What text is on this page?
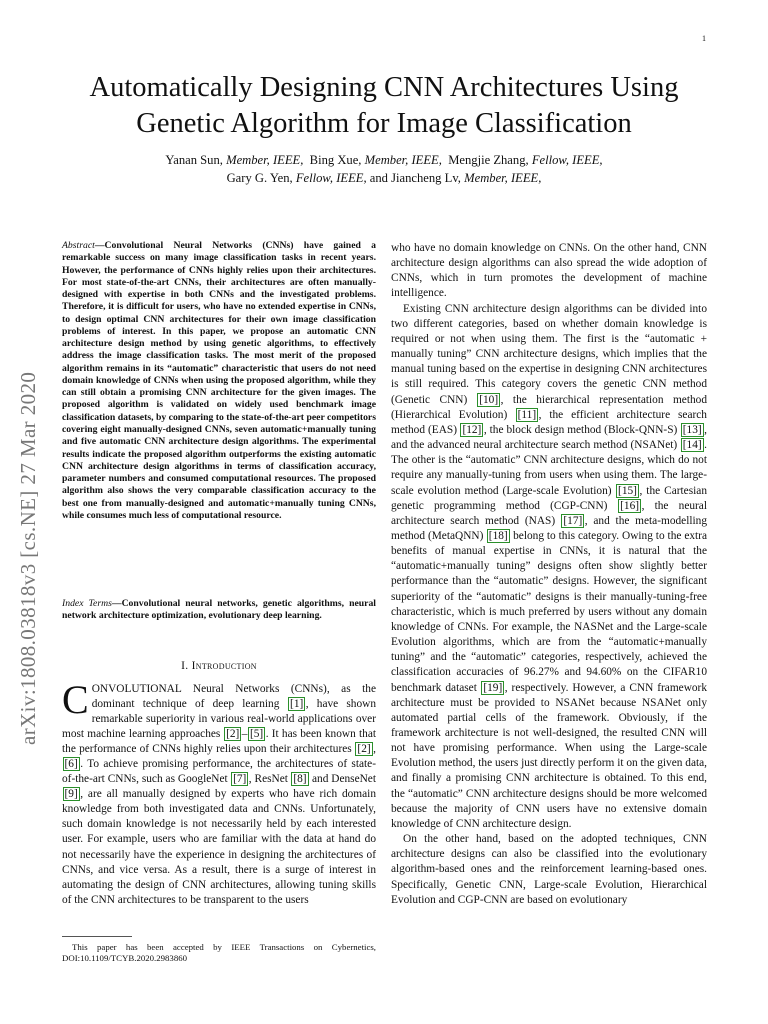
1
arXiv:1808.03818v3 [cs.NE] 27 Mar 2020
Automatically Designing CNN Architectures Using
Genetic Algorithm for Image Classification
Yanan Sun, Member, IEEE, Bing Xue, Member, IEEE, Mengjie Zhang, Fellow, IEEE,
Gary G. Yen, Fellow, IEEE, and Jiancheng Lv, Member, IEEE,
Abstract—Convolutional Neural Networks (CNNs) have gained a remarkable success on many image classification tasks in recent years. However, the performance of CNNs highly relies upon their architectures. For most state-of-the-art CNNs, their architectures are often manually-designed with expertise in both CNNs and the investigated problems. Therefore, it is difficult for users, who have no extended expertise in CNNs, to design optimal CNN architectures for their own image classification problems of interest. In this paper, we propose an automatic CNN architecture design method by using genetic algorithms, to effectively address the image classification tasks. The most merit of the proposed algorithm remains in its “automatic” characteristic that users do not need domain knowledge of CNNs when using the proposed algorithm, while they can still obtain a promising CNN architecture for the given images. The proposed algorithm is validated on widely used benchmark image classification datasets, by comparing to the state-of-the-art peer competitors covering eight manually-designed CNNs, seven automatic+manually tuning and five automatic CNN architecture design algorithms. The experimental results indicate the proposed algorithm outperforms the existing automatic CNN architecture design algorithms in terms of classification accuracy, parameter numbers and consumed computational resources. The proposed algorithm also shows the very comparable classification accuracy to the best one from manually-designed and automatic+manually tuning CNNs, while consumes much less of computational resource.
Index Terms—Convolutional neural networks, genetic algorithms, neural network architecture optimization, evolutionary deep learning.
I. Introduction
CONVOLUTIONAL Neural Networks (CNNs), as the dominant technique of deep learning [1] , have shown remarkable superiority in various real-world applications over most machine learning approaches [2] – [5] . It has been known that the performance of CNNs highly relies upon their architectures [2] , [6] . To achieve promising performance, the architectures of state-of-the-art CNNs, such as GoogleNet [7] , ResNet [8] and DenseNet [9] , are all manually designed by experts who have rich domain knowledge from both investigated data and CNNs. Unfortunately, such domain knowledge is not necessarily held by each interested user. For example, users who are familiar with the data at hand do not necessarily have the experience in designing the architectures of CNNs, and vice versa. As a result, there is a surge of interest in automating the design of CNN architectures, allowing tuning skills of the CNN architectures to be transparent to the users

This paper has been accepted by IEEE Transactions on Cybernetics, DOI:10.1109/TCYB.2020.2983860

who have no domain knowledge on CNNs. On the other hand, CNN architecture design algorithms can also spread the wide adoption of CNNs, which in turn promotes the development of machine intelligence.

Existing CNN architecture design algorithms can be divided into two different categories, based on whether domain knowledge is required or not when using them. The first is the “automatic + manually tuning” CNN architecture designs, which implies that the manual tuning based on the expertise in designing CNN architectures is still required. This category covers the genetic CNN method (Genetic CNN) [10] , the hierarchical representation method (Hierarchical Evolution) [11] , the efficient architecture search method (EAS) [12] , the block design method (Block-QNN-S) [13] , and the advanced neural architecture search method (NSANet) [14] . The other is the “automatic” CNN architecture designs, which do not require any manually-tuning from users when using them. The large-scale evolution method (Large-scale Evolution) [15] , the Cartesian genetic programming method (CGP-CNN) [16] , the neural architecture search method (NAS) [17] , and the meta-modelling method (MetaQNN) [18] belong to this category. Owing to the extra benefits of manual expertise in CNNs, it is natural that the “automatic+manually tuning” designs often show slightly better performance than the “automatic” designs. However, the significant superiority of the “automatic” designs is their manually-tuning-free characteristic, which is much preferred by users without any domain knowledge of CNNs. For example, the NASNet and the Large-scale Evolution algorithms, which are from the “automatic+manually tuning” and the “automatic” categories, respectively, achieved the classification accuracies of 96.27% and 94.60% on the CIFAR10 benchmark dataset [19] , respectively. However, a CNN framework architecture must be provided to NSANet because NSANet only automated partial cells of the framework. Obviously, if the framework architecture is not well-designed, the resulted CNN will not have promising performance. When using the Large-scale Evolution method, the users just directly perform it on the given data, and finally a promising CNN architecture is obtained. To this end, the “automatic” CNN architecture designs should be more welcomed because the majority of CNN users have no extensive domain knowledge of CNN architecture design.

On the other hand, based on the adopted techniques, CNN architecture designs can also be classified into the evolutionary algorithm-based ones and the reinforcement learning-based ones. Specifically, Genetic CNN, Large-scale Evolution, Hierarchical Evolution and CGP-CNN are based on evolutionary
